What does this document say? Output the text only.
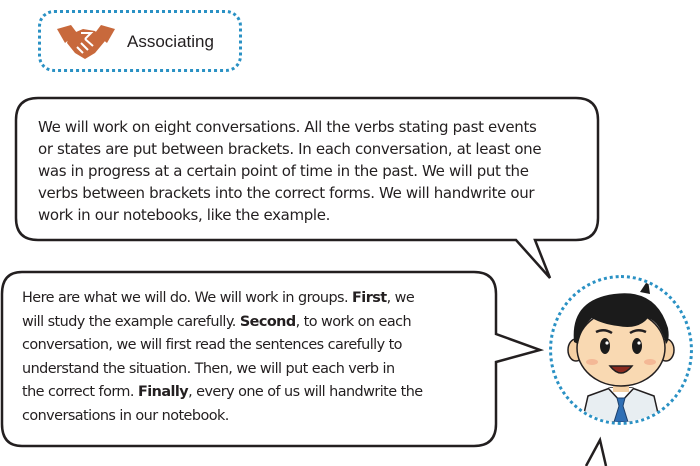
Associating
We will work on eight conversations. All the verbs stating past events
or states are put between brackets. In each conversation, at least one
was in progress at a certain point of time in the past. We will put the
verbs between brackets into the correct forms. We will handwrite our
work in our notebooks, like the example.
Here are what we will do. We will work in groups. First, we
will study the example carefully. Second, to work on each
conversation, we will first read the sentences carefully to
understand the situation. Then, we will put each verb in
the correct form. Finally, every one of us will handwrite the
conversations in our notebook.
